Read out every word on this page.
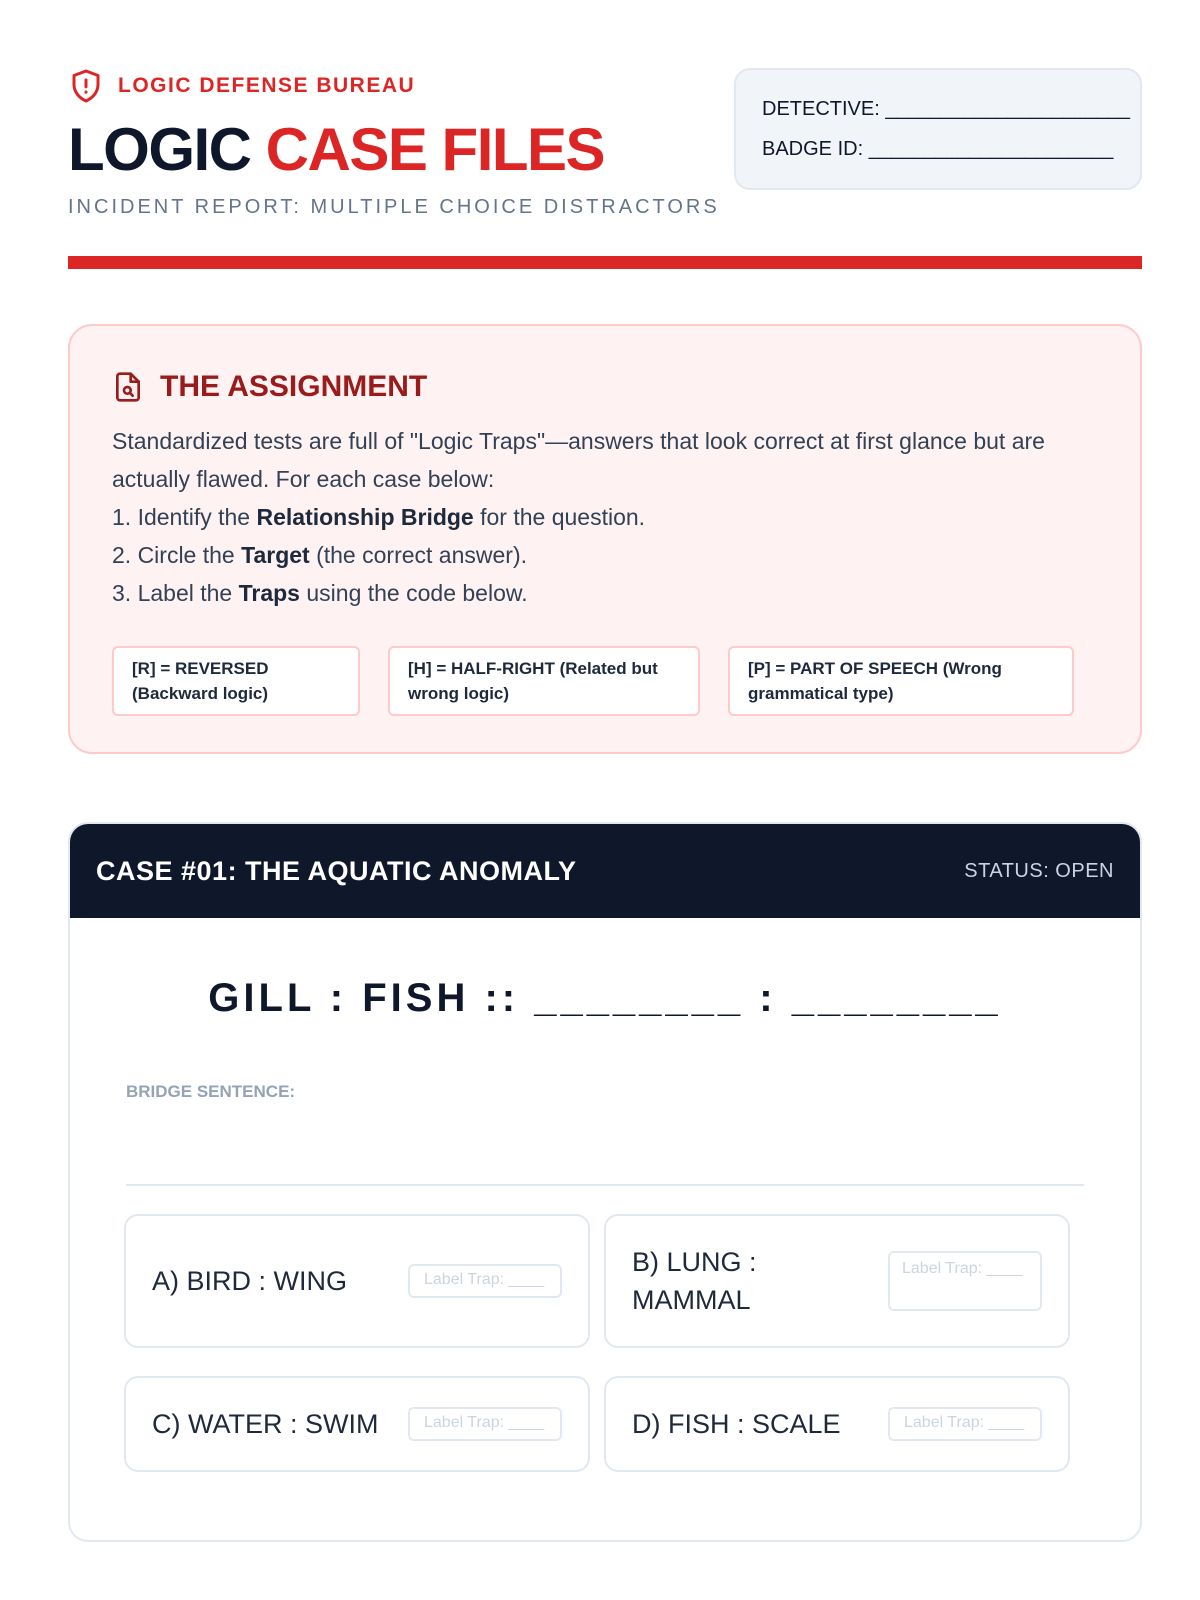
LOGIC DEFENSE BUREAU
LOGIC CASE FILES
INCIDENT REPORT: MULTIPLE CHOICE DISTRACTORS
DETECTIVE: ______________________
BADGE ID: ______________________
THE ASSIGNMENT

Standardized tests are full of "Logic Traps"—answers that look correct at first glance but are actually flawed. For each case below:

1. Identify the Relationship Bridge for the question.
2. Circle the Target (the correct answer).
3. Label the Traps using the code below.
[R] = REVERSED (Backward logic)
[H] = HALF-RIGHT (Related but wrong logic)
[P] = PART OF SPEECH (Wrong grammatical type)
CASE #01: THE AQUATIC ANOMALY	STATUS: OPEN
GILL : FISH :: ________ : ________
BRIDGE SENTENCE:
A) BIRD : WING	Label Trap: ____
B) LUNG : MAMMAL
Label Trap: ____
C) WATER : SWIM	Label Trap: ____	D) FISH : SCALE	Label Trap: ____
